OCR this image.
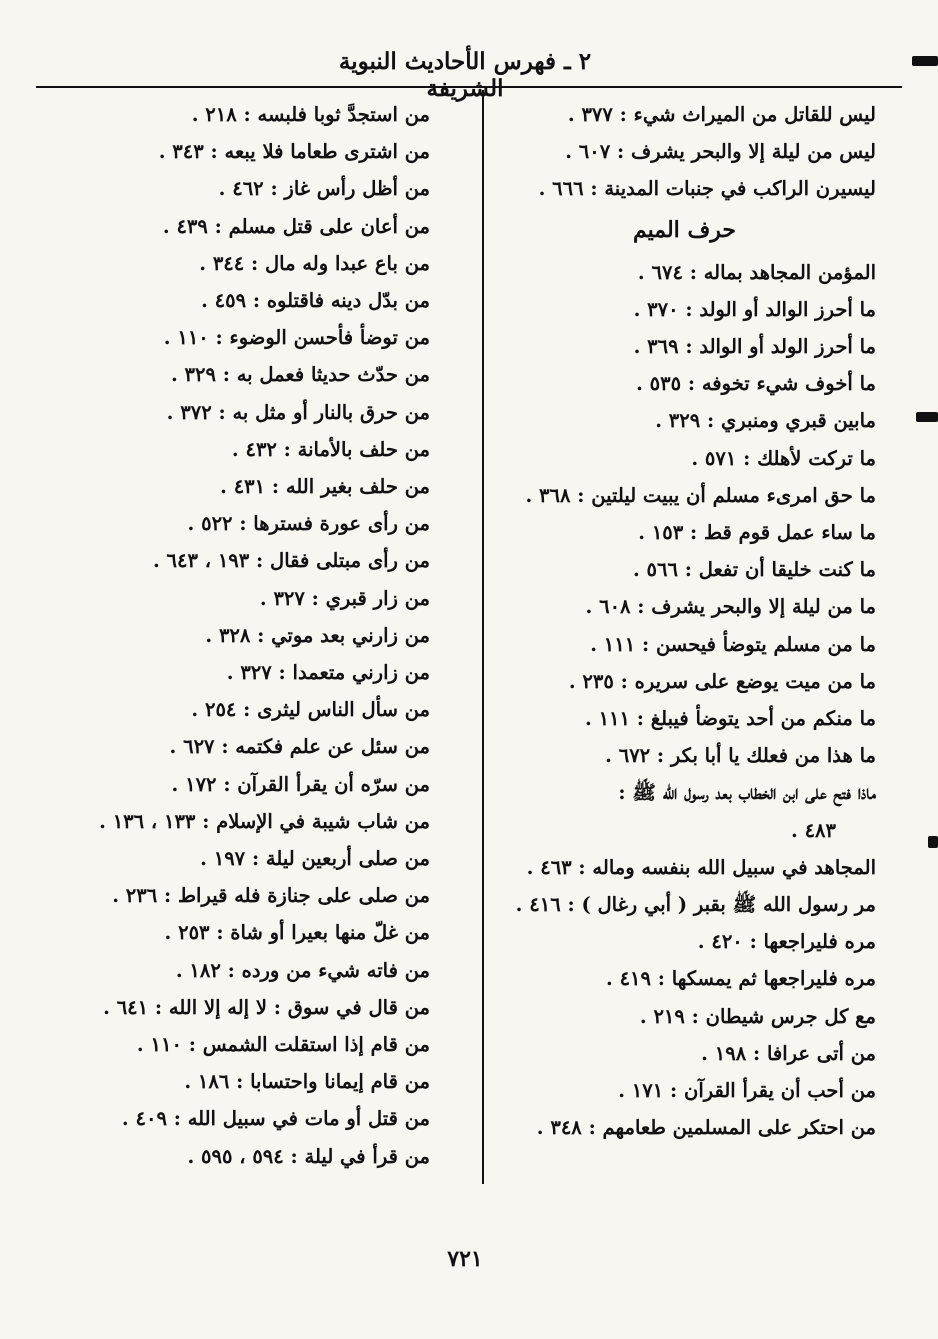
٢ ـ فهرس الأحاديث النبوية الشريفة
ليس للقاتل من الميراث شيء : ٣٧٧ .
ليس من ليلة إلا والبحر يشرف : ٦٠٧ .
ليسيرن الراكب في جنبات المدينة : ٦٦٦ .
حرف الميم
المؤمن المجاهد بماله : ٦٧٤ .
ما أحرز الوالد أو الولد : ٣٧٠ .
ما أحرز الولد أو الوالد : ٣٦٩ .
ما أخوف شيء تخوفه : ٥٣٥ .
مابين قبري ومنبري : ٣٢٩ .
ما تركت لأهلك : ٥٧١ .
ما حق امرىء مسلم أن يبيت ليلتين : ٣٦٨ .
ما ساء عمل قوم قط : ١٥٣ .
ما كنت خليقا أن تفعل : ٥٦٦ .
ما من ليلة إلا والبحر يشرف : ٦٠٨ .
ما من مسلم يتوضأ فيحسن : ١١١ .
ما من ميت يوضع على سريره : ٢٣٥ .
ما منكم من أحد يتوضأ فيبلغ : ١١١ .
ما هذا من فعلك يا أبا بكر : ٦٧٢ .
ماذا فتح على ابن الخطاب بعد رسول الله ﷺ :
٤٨٣ .
المجاهد في سبيل الله بنفسه وماله : ٤٦٣ .
مر رسول الله ﷺ بقبر ( أبي رغال ) : ٤١٦ .
مره فليراجعها : ٤٢٠ .
مره فليراجعها ثم يمسكها : ٤١٩ .
مع كل جرس شيطان : ٢١٩ .
من أتى عرافا : ١٩٨ .
من أحب أن يقرأ القرآن : ١٧١ .
من احتكر على المسلمين طعامهم : ٣٤٨ .
من استجدَّ ثوبا فلبسه : ٢١٨ .
من اشترى طعاما فلا يبعه : ٣٤٣ .
من أظل رأس غاز : ٤٦٢ .
من أعان على قتل مسلم : ٤٣٩ .
من باع عبدا وله مال : ٣٤٤ .
من بدّل دينه فاقتلوه : ٤٥٩ .
من توضأ فأحسن الوضوء : ١١٠ .
من حدّث حديثا فعمل به : ٣٢٩ .
من حرق بالنار أو مثل به : ٣٧٢ .
من حلف بالأمانة : ٤٣٢ .
من حلف بغير الله : ٤٣١ .
من رأى عورة فسترها : ٥٢٢ .
من رأى مبتلى فقال : ١٩٣ ، ٦٤٣ .
من زار قبري : ٣٢٧ .
من زارني بعد موتي : ٣٢٨ .
من زارني متعمدا : ٣٢٧ .
من سأل الناس ليثرى : ٢٥٤ .
من سئل عن علم فكتمه : ٦٢٧ .
من سرّه أن يقرأ القرآن : ١٧٢ .
من شاب شيبة في الإسلام : ١٣٣ ، ١٣٦ .
من صلى أربعين ليلة : ١٩٧ .
من صلى على جنازة فله قيراط : ٢٣٦ .
من غلّ منها بعيرا أو شاة : ٢٥٣ .
من فاته شيء من ورده : ١٨٢ .
من قال في سوق : لا إله إلا الله : ٦٤١ .
من قام إذا استقلت الشمس : ١١٠ .
من قام إيمانا واحتسابا : ١٨٦ .
من قتل أو مات في سبيل الله : ٤٠٩ .
من قرأ في ليلة : ٥٩٤ ، ٥٩٥ .
٧٢١
